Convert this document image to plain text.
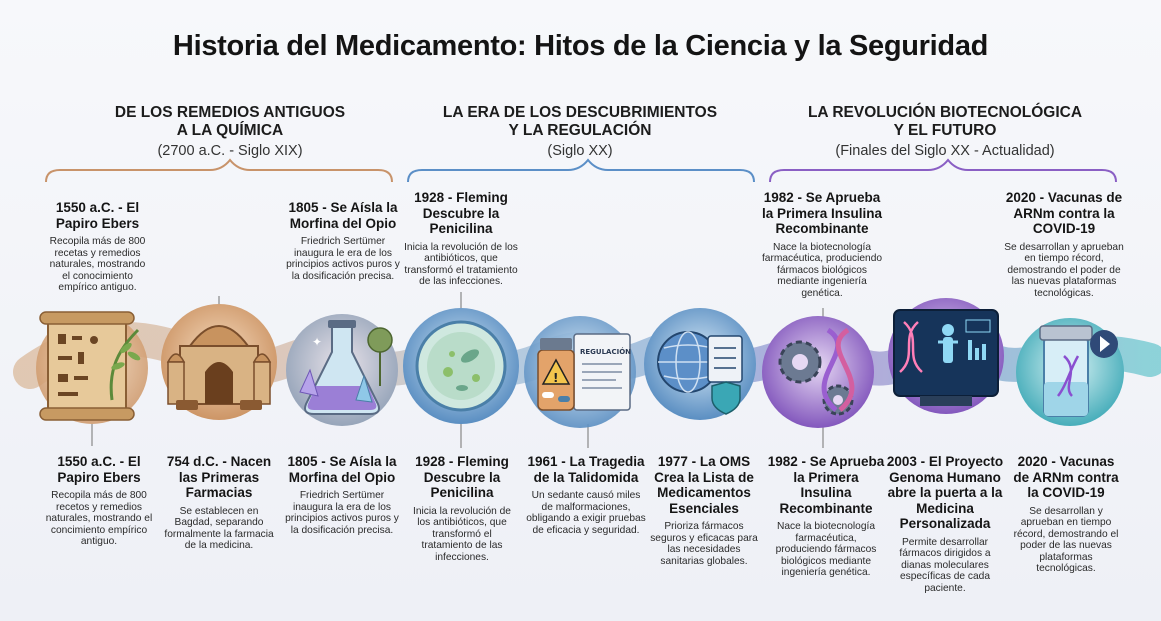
Historia del Medicamento: Hitos de la Ciencia y la Seguridad
DE LOS REMEDIOS ANTIGUOS
A LA QUÍMICA
(2700 a.C. - Siglo XIX)
LA ERA DE LOS DESCUBRIMIENTOS
Y LA REGULACIÓN
(Siglo XX)
LA REVOLUCIÓN BIOTECNOLÓGICA
Y EL FUTURO
(Finales del Siglo XX - Actualidad)
✦
REGULACIÓN
!
1550 a.C. - El Papiro Ebers
Recopila más de 800 recetas y remedios naturales, mostrando el conocimiento empírico antiguo.
1805 - Se Aísla la Morfina del Opio
Friedrich Sertümer inaugura le era de los principios activos puros y la dosificación precisa.
1928 - Fleming Descubre la Penicilina
Inicia la revolución de los antibióticos, que transformó el tratamiento de las infecciones.
1982 - Se Aprueba la Primera Insulina Recombinante
Nace la biotecnología farmacéutica, produciendo fármacos biológicos mediante ingeniería genética.
2020 - Vacunas de ARNm contra la COVID-19
Se desarrollan y aprueban en tiempo récord, demostrando el poder de las nuevas plataformas tecnológicas.
1550 a.C. - El Papiro Ebers
Recopila más de 800 recetos y remedios naturales, mostrando el concimiento empírico antiguo.
754 d.C. - Nacen las Primeras Farmacias
Se establecen en Bagdad, separando formalmente la farmacia de la medicina.
1805 - Se Aísla la Morfina del Opio
Friedrich Sertümer inaugura la era de los principios activos puros y la dosificación precisa.
1928 - Fleming Descubre la Penicilina
Inicia la revolución de los antibióticos, que transformó el tratamiento de las infecciones.
1961 - La Tragedia de la Talidomida
Un sedante causó miles de malformaciones, obligando a exigir pruebas de eficacia y seguridad.
1977 - La OMS Crea la Lista de Medicamentos Esenciales
Prioriza fármacos seguros y eficacas para las necesidades sanitarias globales.
1982 - Se Aprueba la Primera Insulina Recombinante
Nace la biotecnología farmacéutica, produciendo fármacos biológicos mediante ingeniería genética.
2003 - El Proyecto Genoma Humano abre la puerta a la Medicina Personalizada
Permite desarrollar fármacos dirigidos a dianas moleculares específicas de cada paciente.
2020 - Vacunas de ARNm contra la COVID-19
Se desarrollan y aprueban en tiempo récord, demostrando el poder de las nuevas plataformas tecnológicas.
